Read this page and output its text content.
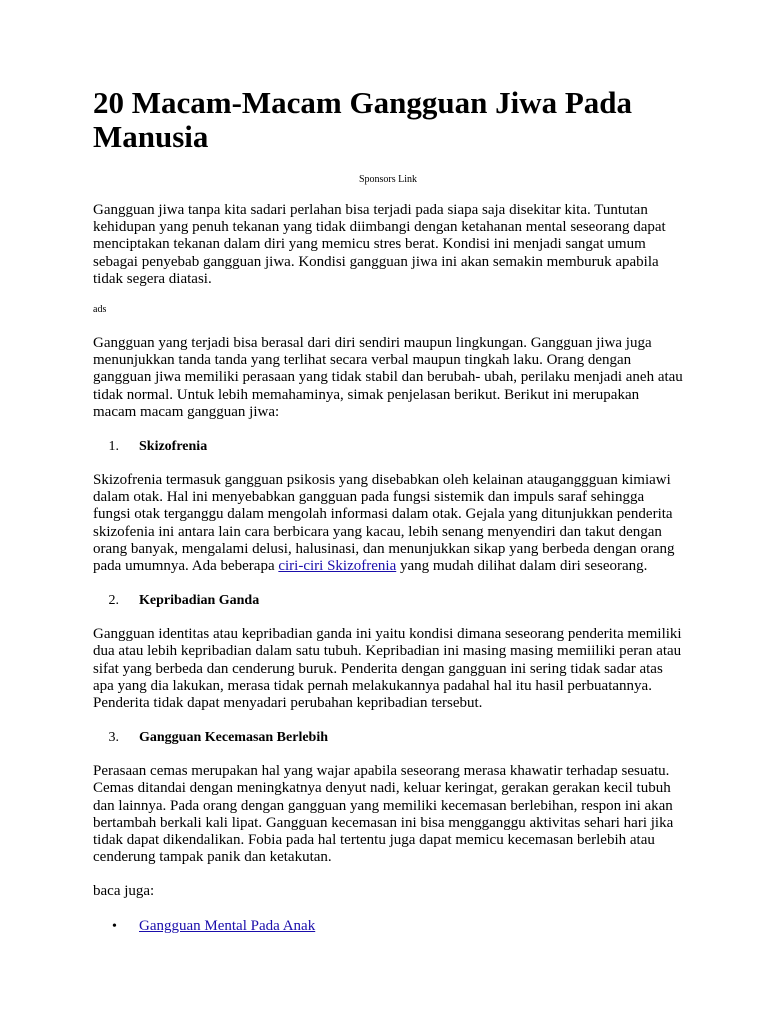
20 Macam-Macam Gangguan Jiwa Pada Manusia
Sponsors Link

Gangguan jiwa tanpa kita sadari perlahan bisa terjadi pada siapa saja disekitar kita. Tuntutan kehidupan yang penuh tekanan yang tidak diimbangi dengan ketahanan mental seseorang dapat menciptakan tekanan dalam diri yang memicu stres berat. Kondisi ini menjadi sangat umum sebagai penyebab gangguan jiwa. Kondisi gangguan jiwa ini akan semakin memburuk apabila tidak segera diatasi.

ads

Gangguan yang terjadi bisa berasal dari diri sendiri maupun lingkungan. Gangguan jiwa juga menunjukkan tanda tanda yang terlihat secara verbal maupun tingkah laku. Orang dengan gangguan jiwa memiliki perasaan yang tidak stabil dan berubah- ubah, perilaku menjadi aneh atau tidak normal. Untuk lebih memahaminya, simak penjelasan berikut. Berikut ini merupakan macam macam gangguan jiwa:

1.	Skizofrenia

Skizofrenia termasuk gangguan psikosis yang disebabkan oleh kelainan atauganggguan kimiawi dalam otak. Hal ini menyebabkan gangguan pada fungsi sistemik dan impuls saraf sehingga fungsi otak terganggu dalam mengolah informasi dalam otak. Gejala yang ditunjukkan penderita skizofenia ini antara lain cara berbicara yang kacau, lebih senang menyendiri dan takut dengan orang banyak, mengalami delusi, halusinasi, dan menunjukkan sikap yang berbeda dengan orang pada umumnya. Ada beberapa ciri-ciri Skizofrenia yang mudah dilihat dalam diri seseorang.

2.	Kepribadian Ganda

Gangguan identitas atau kepribadian ganda ini yaitu kondisi dimana seseorang penderita memiliki dua atau lebih kepribadian dalam satu tubuh. Kepribadian ini masing masing memiiliki peran atau sifat yang berbeda dan cenderung buruk. Penderita dengan gangguan ini sering tidak sadar atas apa yang dia lakukan, merasa tidak pernah melakukannya padahal hal itu hasil perbuatannya. Penderita tidak dapat menyadari perubahan kepribadian tersebut.

3.	Gangguan Kecemasan Berlebih

Perasaan cemas merupakan hal yang wajar apabila seseorang merasa khawatir terhadap sesuatu. Cemas ditandai dengan meningkatnya denyut nadi, keluar keringat, gerakan gerakan kecil tubuh dan lainnya. Pada orang dengan gangguan yang memiliki kecemasan berlebihan, respon ini akan bertambah berkali kali lipat. Gangguan kecemasan ini bisa mengganggu aktivitas sehari hari jika tidak dapat dikendalikan. Fobia pada hal tertentu juga dapat memicu kecemasan berlebih atau cenderung tampak panik dan ketakutan.

baca juga:

•	Gangguan Mental Pada Anak
